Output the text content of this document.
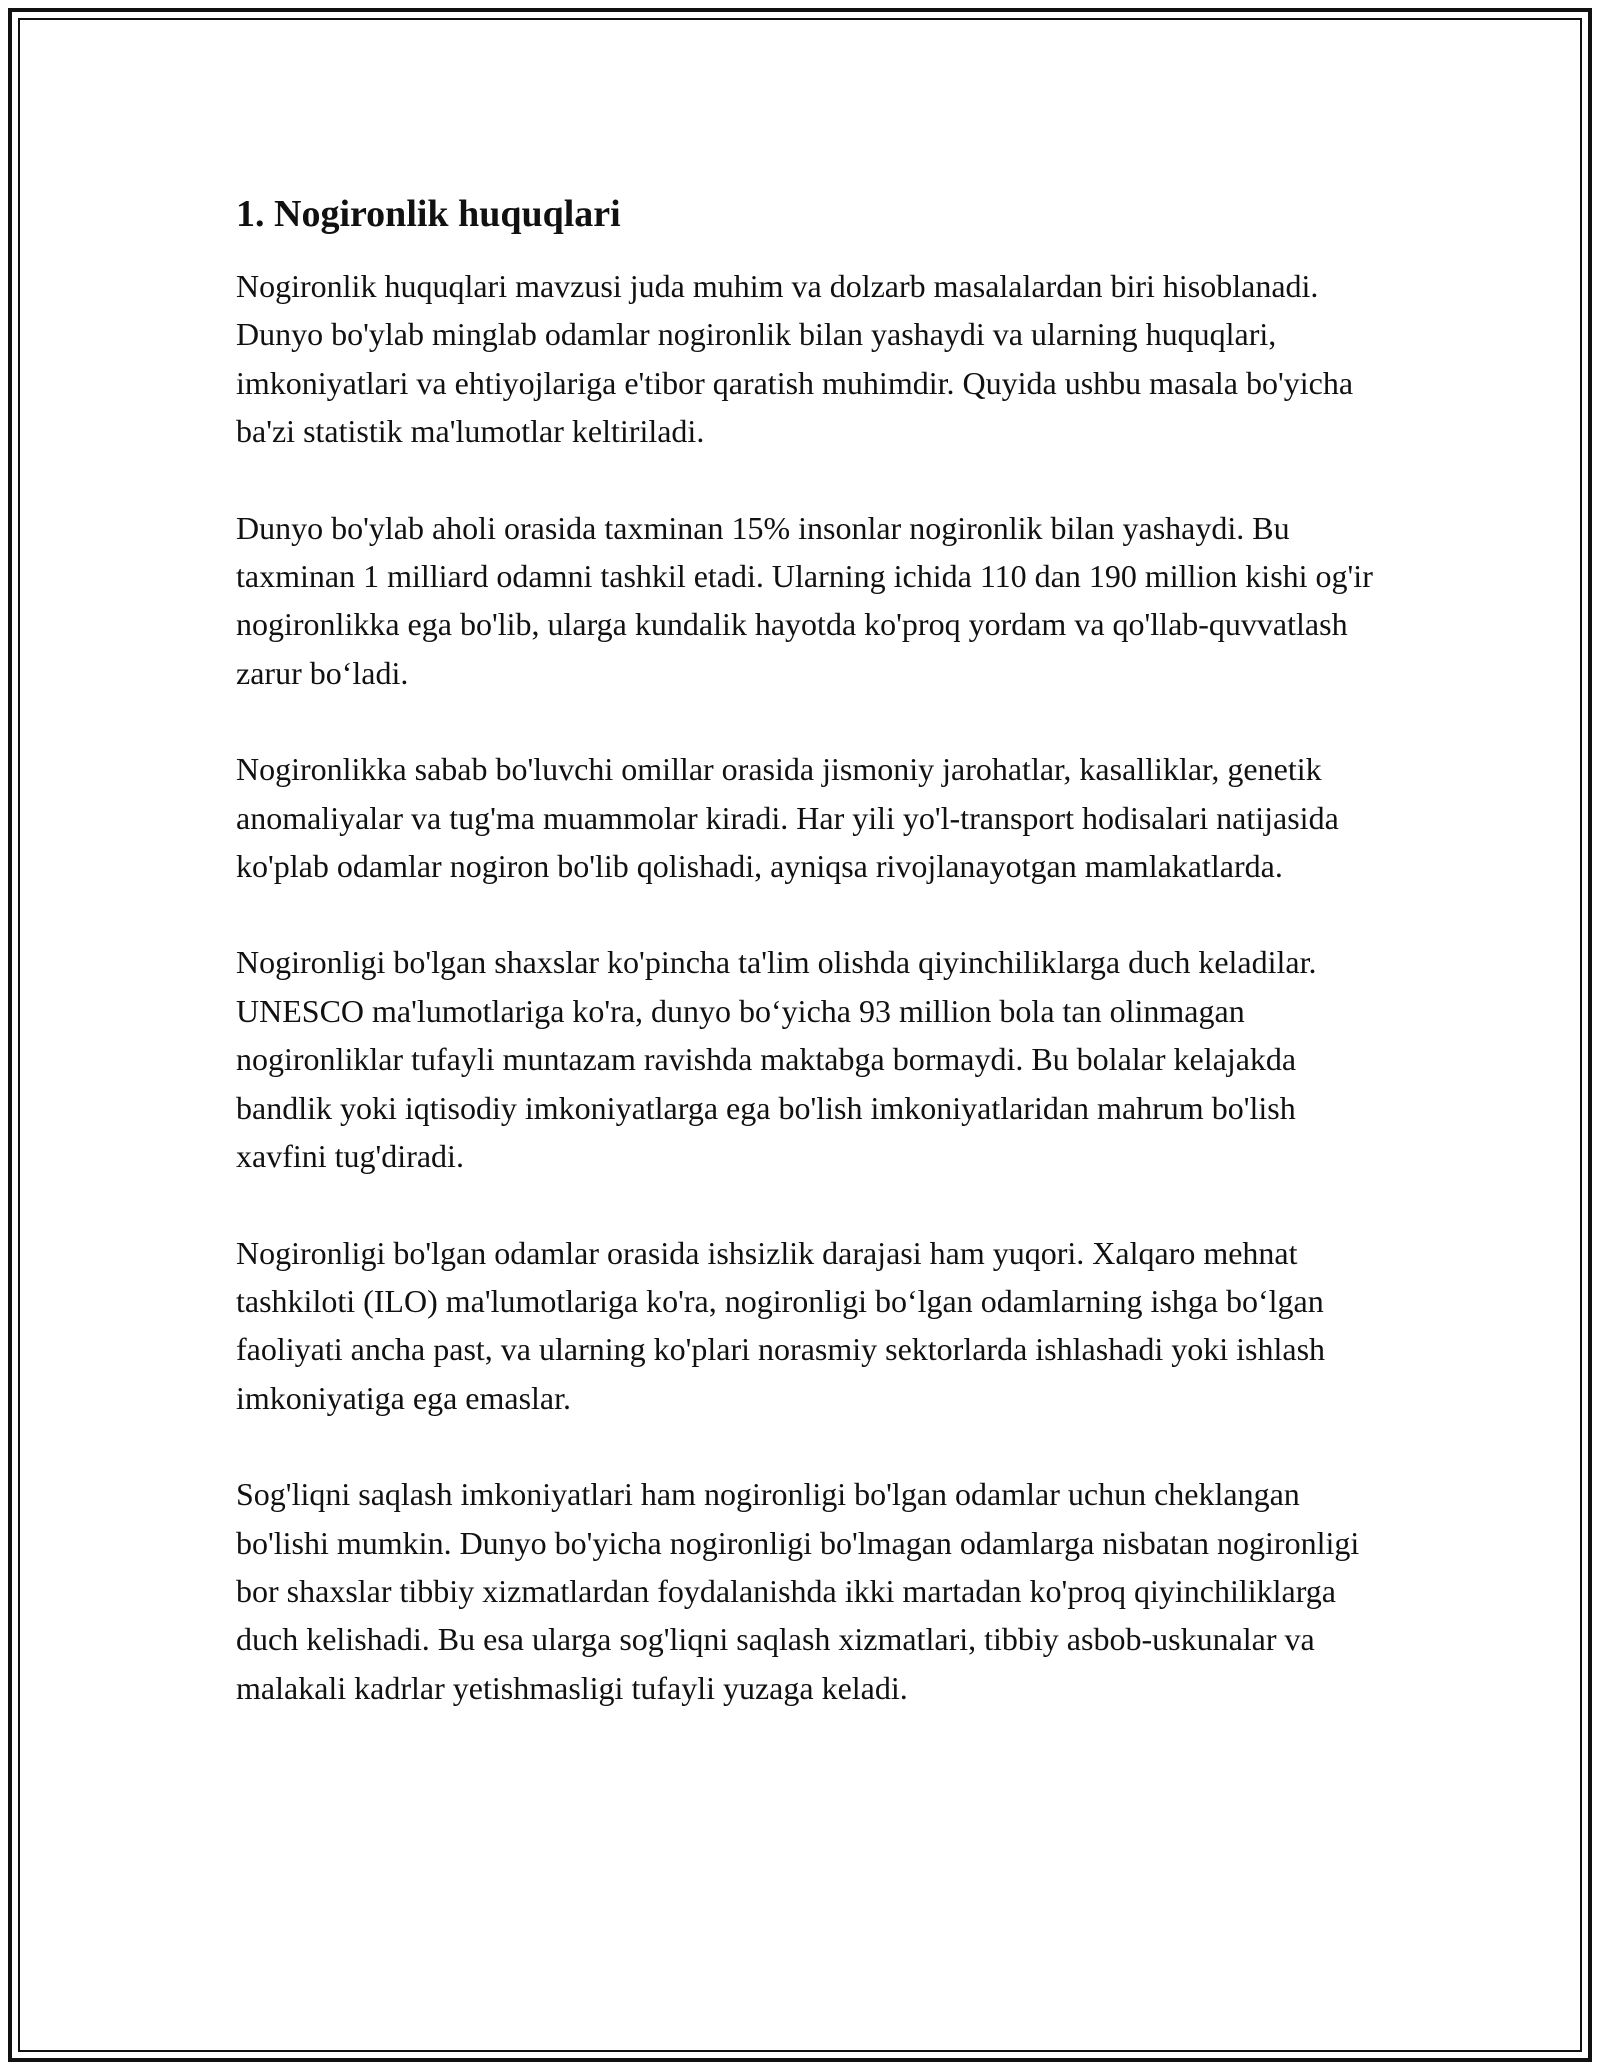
1. Nogironlik huquqlari

Nogironlik huquqlari mavzusi juda muhim va dolzarb masalalardan biri hisoblanadi. Dunyo bo'ylab minglab odamlar nogironlik bilan yashaydi va ularning huquqlari, imkoniyatlari va ehtiyojlariga e'tibor qaratish muhimdir. Quyida ushbu masala bo'yicha ba'zi statistik ma'lumotlar keltiriladi.

Dunyo bo'ylab aholi orasida taxminan 15% insonlar nogironlik bilan yashaydi. Bu taxminan 1 milliard odamni tashkil etadi. Ularning ichida 110 dan 190 million kishi og'ir nogironlikka ega bo'lib, ularga kundalik hayotda ko'proq yordam va qo'llab-quvvatlash zarur bo‘ladi.

Nogironlikka sabab bo'luvchi omillar orasida jismoniy jarohatlar, kasalliklar, genetik anomaliyalar va tug'ma muammolar kiradi. Har yili yo'l-transport hodisalari natijasida ko'plab odamlar nogiron bo'lib qolishadi, ayniqsa rivojlanayotgan mamlakatlarda.

Nogironligi bo'lgan shaxslar ko'pincha ta'lim olishda qiyinchiliklarga duch keladilar. UNESCO ma'lumotlariga ko'ra, dunyo bo‘yicha 93 million bola tan olinmagan nogironliklar tufayli muntazam ravishda maktabga bormaydi. Bu bolalar kelajakda bandlik yoki iqtisodiy imkoniyatlarga ega bo'lish imkoniyatlaridan mahrum bo'lish xavfini tug'diradi.

Nogironligi bo'lgan odamlar orasida ishsizlik darajasi ham yuqori. Xalqaro mehnat tashkiloti (ILO) ma'lumotlariga ko'ra, nogironligi bo‘lgan odamlarning ishga bo‘lgan faoliyati ancha past, va ularning ko'plari norasmiy sektorlarda ishlashadi yoki ishlash imkoniyatiga ega emaslar.

Sog'liqni saqlash imkoniyatlari ham nogironligi bo'lgan odamlar uchun cheklangan bo'lishi mumkin. Dunyo bo'yicha nogironligi bo'lmagan odamlarga nisbatan nogironligi bor shaxslar tibbiy xizmatlardan foydalanishda ikki martadan ko'proq qiyinchiliklarga duch kelishadi. Bu esa ularga sog'liqni saqlash xizmatlari, tibbiy asbob-uskunalar va malakali kadrlar yetishmasligi tufayli yuzaga keladi.
